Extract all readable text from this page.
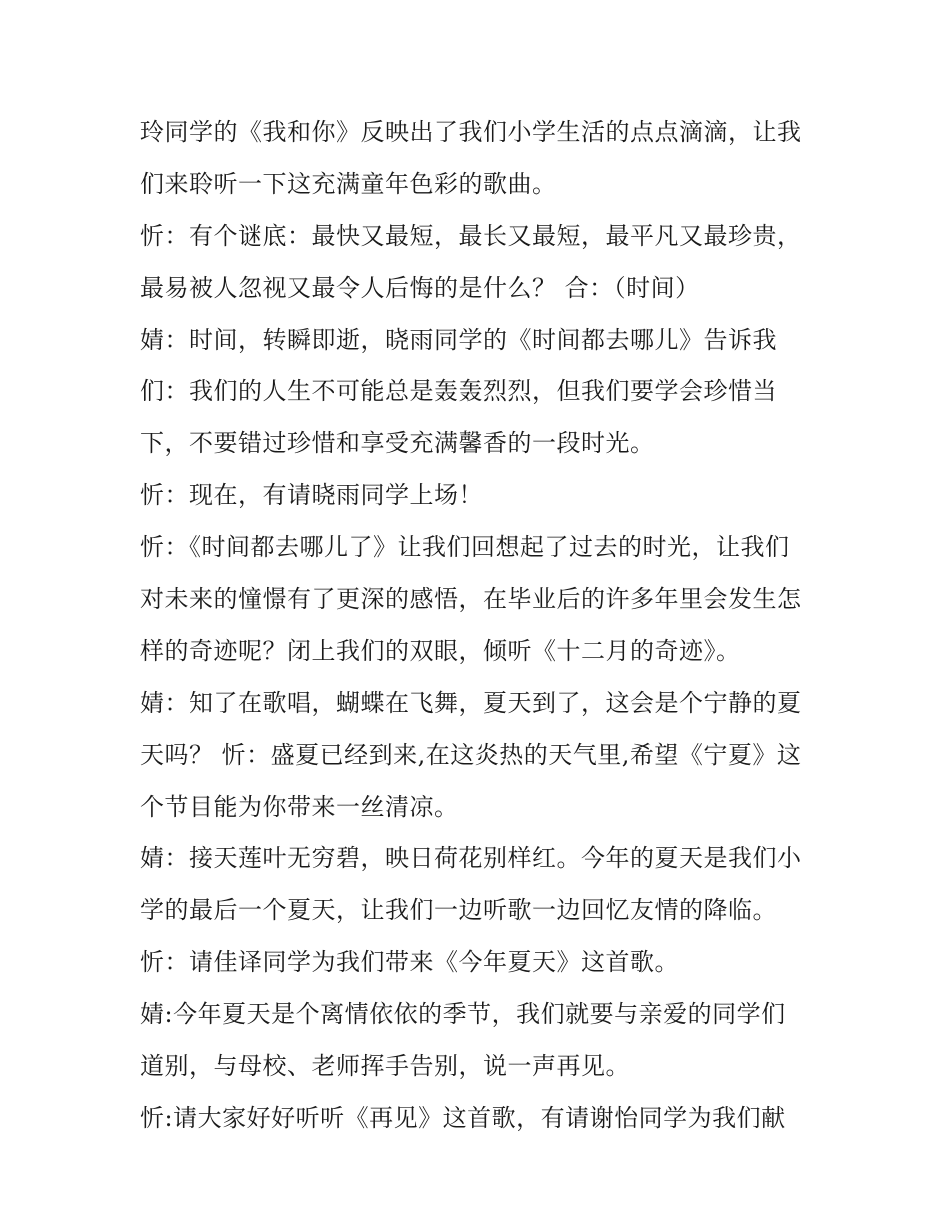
玲同学的《我和你》反映出了我们小学生活的点点滴滴，让我
们来聆听一下这充满童年色彩的歌曲。
忻：有个谜底：最快又最短，最长又最短，最平凡又最珍贵，
最易被人忽视又最令人后悔的是什么？ 合：（时间）
婧：时间，转瞬即逝，晓雨同学的《时间都去哪儿》告诉我
们：我们的人生不可能总是轰轰烈烈，但我们要学会珍惜当
下，不要错过珍惜和享受充满馨香的一段时光。
忻：现在，有请晓雨同学上场！
忻：《时间都去哪儿了》让我们回想起了过去的时光，让我们
对未来的憧憬有了更深的感悟，在毕业后的许多年里会发生怎
样的奇迹呢？闭上我们的双眼，倾听《十二月的奇迹》。
婧：知了在歌唱，蝴蝶在飞舞，夏天到了，这会是个宁静的夏
天吗？ 忻：盛夏已经到来,在这炎热的天气里,希望《宁夏》这
个节目能为你带来一丝清凉。
婧：接天莲叶无穷碧，映日荷花别样红。今年的夏天是我们小
学的最后一个夏天，让我们一边听歌一边回忆友情的降临。
忻：请佳译同学为我们带来《今年夏天》这首歌。
婧:今年夏天是个离情依依的季节，我们就要与亲爱的同学们
道别，与母校、老师挥手告别，说一声再见。
忻:请大家好好听听《再见》这首歌，有请谢怡同学为我们献
